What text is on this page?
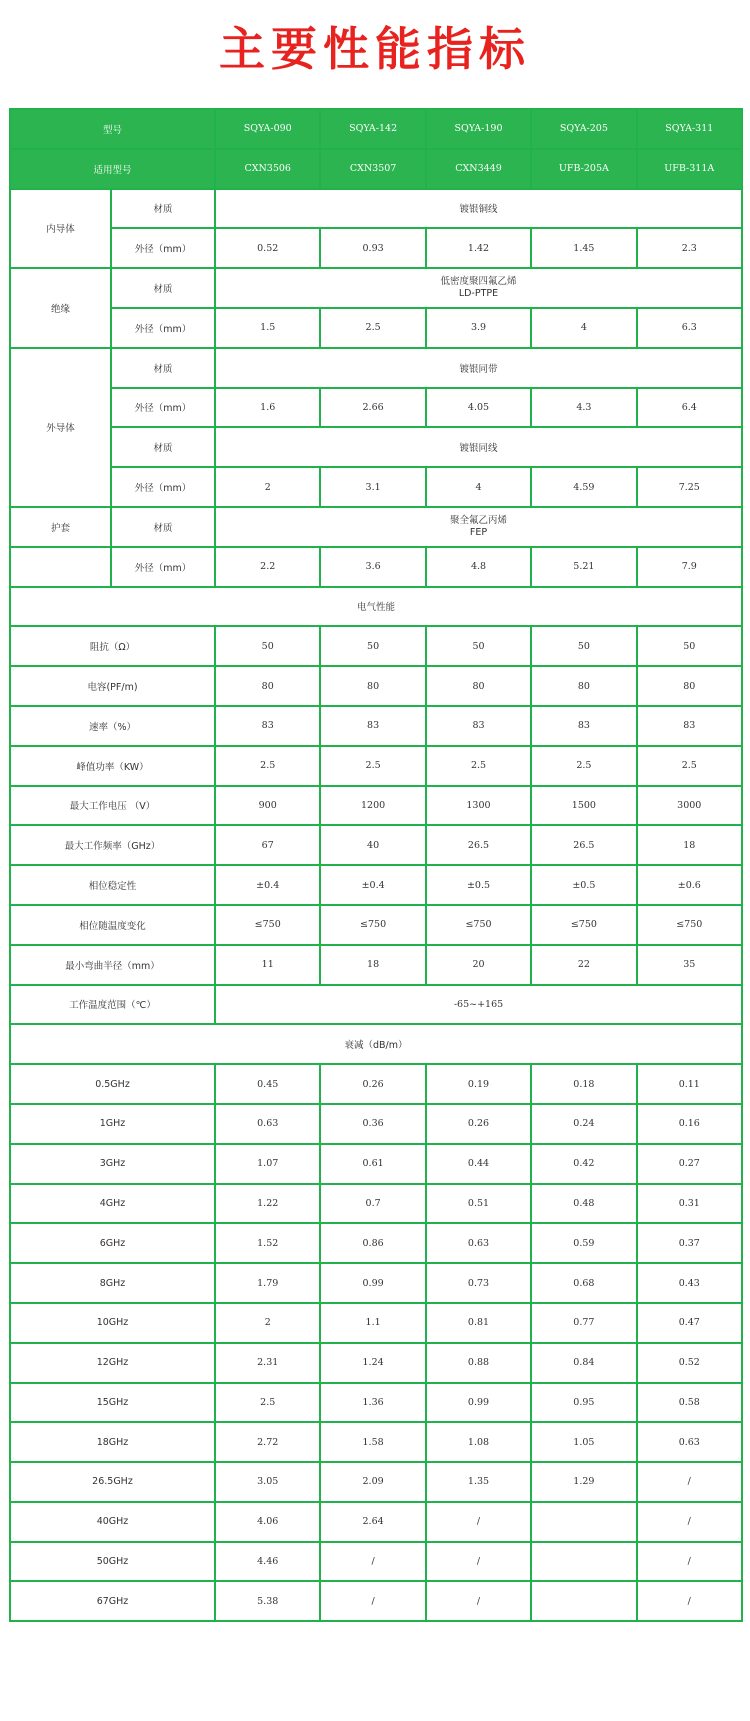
主要性能指标
型号		SQYA-090	SQYA-142	SQYA-190	SQYA-205	SQYA-311
适用型号		CXN3506	CXN3507	CXN3449	UFB-205A	UFB-311A
内导体	材质	镀银铜线				
	外径（mm）	0.52	0.93	1.42	1.45	2.3
绝缘	材质	低密度聚四氟乙烯
LD-PTPE				

	外径（mm）	1.5	2.5	3.9	4	6.3
外导体	材质	镀银同带				
	外径（mm）	1.6	2.66	4.05	4.3	6.4
	材质	镀银同线				
	外径（mm）	2	3.1	4	4.59	7.25
护套	材质	聚全氟乙丙烯
FEP				

	外径（mm）	2.2	3.6	4.8	5.21	7.9
电气性能						
阻抗（Ω）		50	50	50	50	50
电容(PF/m)		80	80	80	80	80
速率（%）		83	83	83	83	83
峰值功率（KW）		2.5	2.5	2.5	2.5	2.5
最大工作电压 （V）		900	1200	1300	1500	3000
最大工作频率（GHz）		67	40	26.5	26.5	18
相位稳定性		±0.4	±0.4	±0.5	±0.5	±0.6
相位随温度变化		≤750	≤750	≤750	≤750	≤750
最小弯曲半径（mm）		11	18	20	22	35
工作温度范围（℃）		-65~+165				
衰减（dB/m）						
0.5GHz		0.45	0.26	0.19	0.18	0.11
1GHz		0.63	0.36	0.26	0.24	0.16
3GHz		1.07	0.61	0.44	0.42	0.27
4GHz		1.22	0.7	0.51	0.48	0.31
6GHz		1.52	0.86	0.63	0.59	0.37
8GHz		1.79	0.99	0.73	0.68	0.43
10GHz		2	1.1	0.81	0.77	0.47
12GHz		2.31	1.24	0.88	0.84	0.52
15GHz		2.5	1.36	0.99	0.95	0.58
18GHz		2.72	1.58	1.08	1.05	0.63
26.5GHz		3.05	2.09	1.35	1.29	/
40GHz		4.06	2.64	/		/
50GHz		4.46	/	/		/
67GHz		5.38	/	/		/
